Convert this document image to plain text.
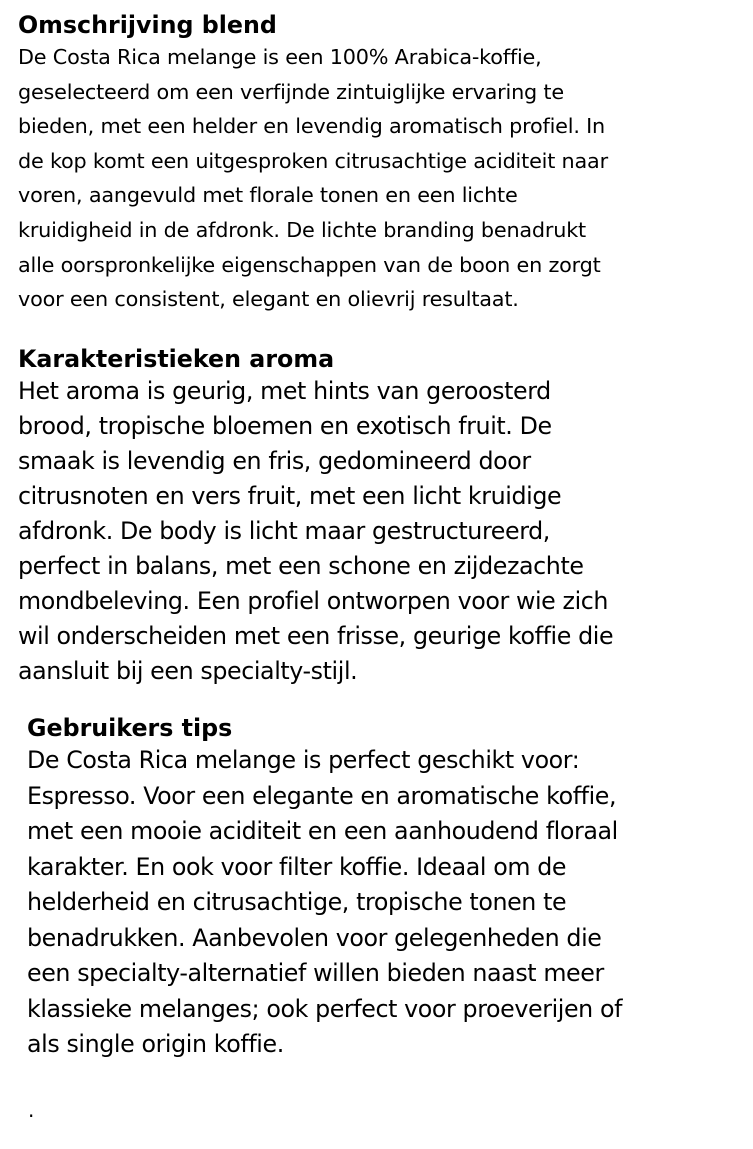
Omschrijving blend

De Costa Rica melange is een 100% Arabica-koffie,

geselecteerd om een verfijnde zintuiglijke ervaring te

bieden, met een helder en levendig aromatisch profiel. In

de kop komt een uitgesproken citrusachtige aciditeit naar

voren, aangevuld met florale tonen en een lichte

kruidigheid in de afdronk. De lichte branding benadrukt

alle oorspronkelijke eigenschappen van de boon en zorgt

voor een consistent, elegant en olievrij resultaat.

Karakteristieken aroma

Het aroma is geurig, met hints van geroosterd

brood, tropische bloemen en exotisch fruit. De

smaak is levendig en fris, gedomineerd door

citrusnoten en vers fruit, met een licht kruidige

afdronk. De body is licht maar gestructureerd,

perfect in balans, met een schone en zijdezachte

mondbeleving. Een profiel ontworpen voor wie zich

wil onderscheiden met een frisse, geurige koffie die

aansluit bij een specialty-stijl.

Gebruikers tips

De Costa Rica melange is perfect geschikt voor:

Espresso. Voor een elegante en aromatische koffie,

met een mooie aciditeit en een aanhoudend floraal

karakter. En ook voor filter koffie. Ideaal om de

helderheid en citrusachtige, tropische tonen te

benadrukken. Aanbevolen voor gelegenheden die

een specialty-alternatief willen bieden naast meer

klassieke melanges; ook perfect voor proeverijen of

als single origin koffie.

.
